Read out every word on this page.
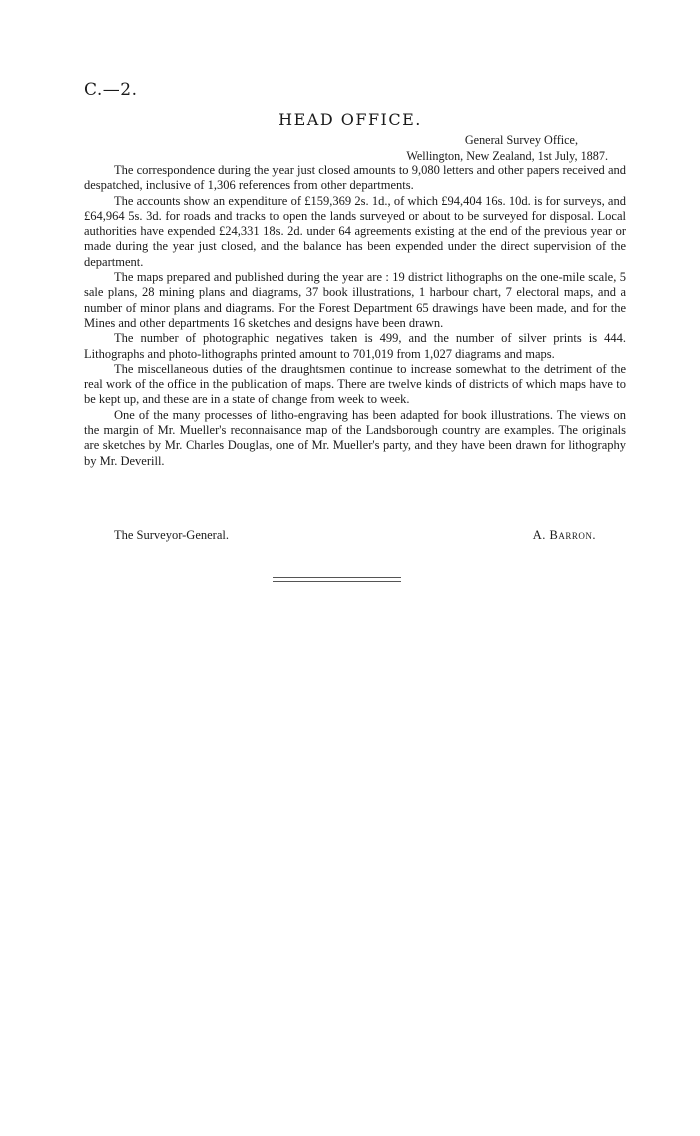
C.—2.
HEAD OFFICE.
General Survey Office,
Wellington, New Zealand, 1st July, 1887.

The correspondence during the year just closed amounts to 9,080 letters and other papers received and despatched, inclusive of 1,306 references from other departments.

The accounts show an expenditure of £159,369 2s. 1d., of which £94,404 16s. 10d. is for surveys, and £64,964 5s. 3d. for roads and tracks to open the lands surveyed or about to be surveyed for disposal. Local authorities have expended £24,331 18s. 2d. under 64 agreements existing at the end of the previous year or made during the year just closed, and the balance has been expended under the direct supervision of the department.

The maps prepared and published during the year are : 19 district lithographs on the one-mile scale, 5 sale plans, 28 mining plans and diagrams, 37 book illustrations, 1 harbour chart, 7 electoral maps, and a number of minor plans and diagrams. For the Forest Department 65 drawings have been made, and for the Mines and other departments 16 sketches and designs have been drawn.

The number of photographic negatives taken is 499, and the number of silver prints is 444. Lithographs and photo-lithographs printed amount to 701,019 from 1,027 diagrams and maps.

The miscellaneous duties of the draughtsmen continue to increase somewhat to the detriment of the real work of the office in the publication of maps. There are twelve kinds of districts of which maps have to be kept up, and these are in a state of change from week to week.

One of the many processes of litho-engraving has been adapted for book illustrations. The views on the margin of Mr. Mueller's reconnaisance map of the Landsborough country are examples. The originals are sketches by Mr. Charles Douglas, one of Mr. Mueller's party, and they have been drawn for lithography by Mr. Deverill.

The Surveyor-General.	A. Barron.
